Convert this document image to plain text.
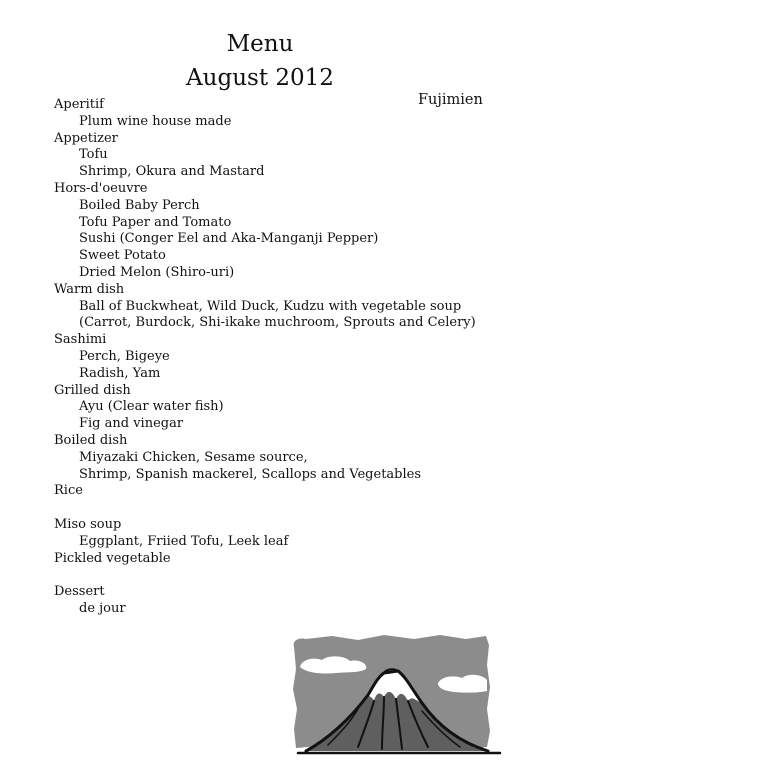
Menu
August 2012
Fujimien
Aperitif
Plum wine house made
Appetizer
Tofu
Shrimp, Okura and Mastard
Hors-d'oeuvre
Boiled Baby Perch
Tofu Paper and Tomato
Sushi (Conger Eel and Aka-Manganji Pepper)
Sweet Potato
Dried Melon (Shiro-uri)
Warm dish
Ball of Buckwheat, Wild Duck, Kudzu with vegetable soup
(Carrot, Burdock, Shi-ikake muchroom, Sprouts and Celery)
Sashimi
Perch, Bigeye
Radish, Yam
Grilled dish
Ayu (Clear water fish)
Fig and vinegar
Boiled dish
Miyazaki Chicken, Sesame source,
Shrimp, Spanish mackerel, Scallops and Vegetables
Rice
Miso soup
Eggplant, Friied Tofu, Leek leaf
Pickled vegetable
Dessert
de jour
